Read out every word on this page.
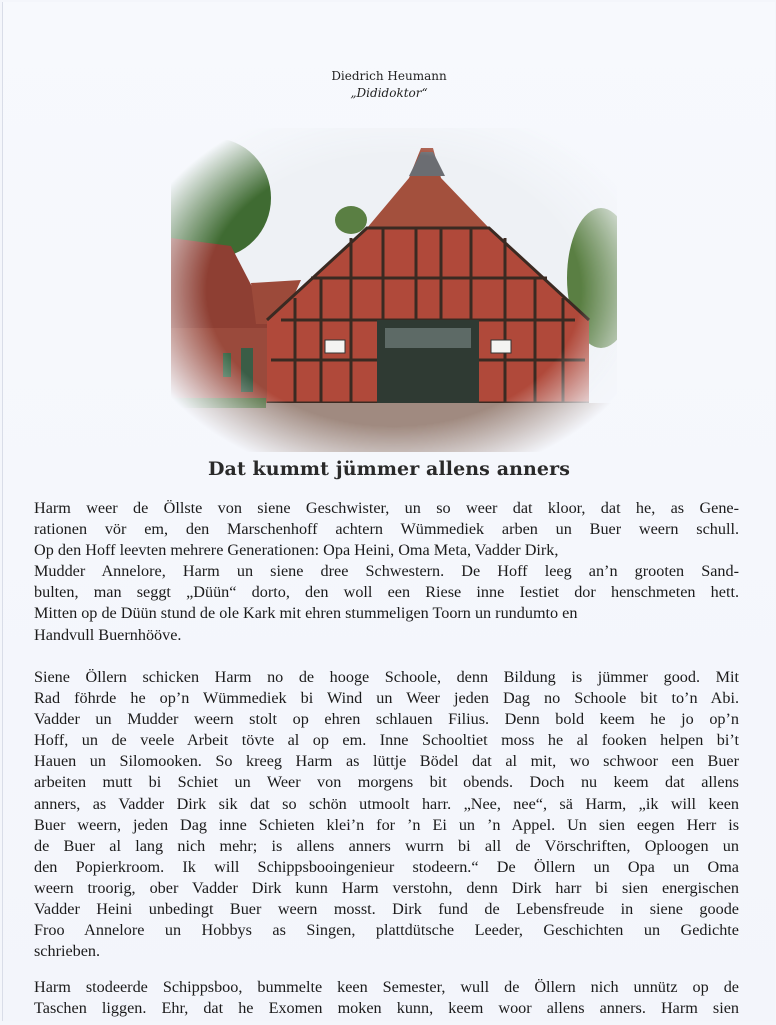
Diedrich Heumann
„Dididoktor“
Dat kummt jümmer allens anners

Harm weer de Öllste von siene Geschwister, un so weer dat kloor, dat he, as Gene-
rationen vör em, den Marschenhoff achtern Wümmediek arben un Buer weern schull.
Op den Hoff leevten mehrere Generationen: Opa Heini, Oma Meta, Vadder Dirk,
Mudder Annelore, Harm un siene dree Schwestern. De Hoff leeg an’n grooten Sand-
bulten, man seggt „Düün“ dorto, den woll een Riese inne Iestiet dor henschmeten hett.
Mitten op de Düün stund de ole Kark mit ehren stummeligen Toorn un rundumto en
Handvull Buernhööve.

Siene Öllern schicken Harm no de hooge Schoole, denn Bildung is jümmer good. Mit
Rad föhrde he op’n Wümmediek bi Wind un Weer jeden Dag no Schoole bit to’n Abi.
Vadder un Mudder weern stolt op ehren schlauen Filius. Denn bold keem he jo op’n
Hoff, un de veele Arbeit tövte al op em. Inne Schooltiet moss he al fooken helpen bi’t
Hauen un Silomooken. So kreeg Harm as lüttje Bödel dat al mit, wo schwoor een Buer
arbeiten mutt bi Schiet un Weer von morgens bit obends. Doch nu keem dat allens
anners, as Vadder Dirk sik dat so schön utmoolt harr. „Nee, nee“, sä Harm, „ik will keen
Buer weern, jeden Dag inne Schieten klei’n for ’n Ei un ’n Appel. Un sien eegen Herr is
de Buer al lang nich mehr; is allens anners wurrn bi all de Vörschriften, Oploogen un
den Popierkroom. Ik will Schippsbooingenieur stodeern.“ De Öllern un Opa un Oma
weern troorig, ober Vadder Dirk kunn Harm verstohn, denn Dirk harr bi sien energischen
Vadder Heini unbedingt Buer weern mosst. Dirk fund de Lebensfreude in siene goode
Froo Annelore un Hobbys as Singen, plattdütsche Leeder, Geschichten un Gedichte
schrieben.

Harm stodeerde Schippsboo, bummelte keen Semester, wull de Öllern nich unnütz op de
Taschen liggen. Ehr, dat he Exomen moken kunn, keem woor allens anners. Harm sien
